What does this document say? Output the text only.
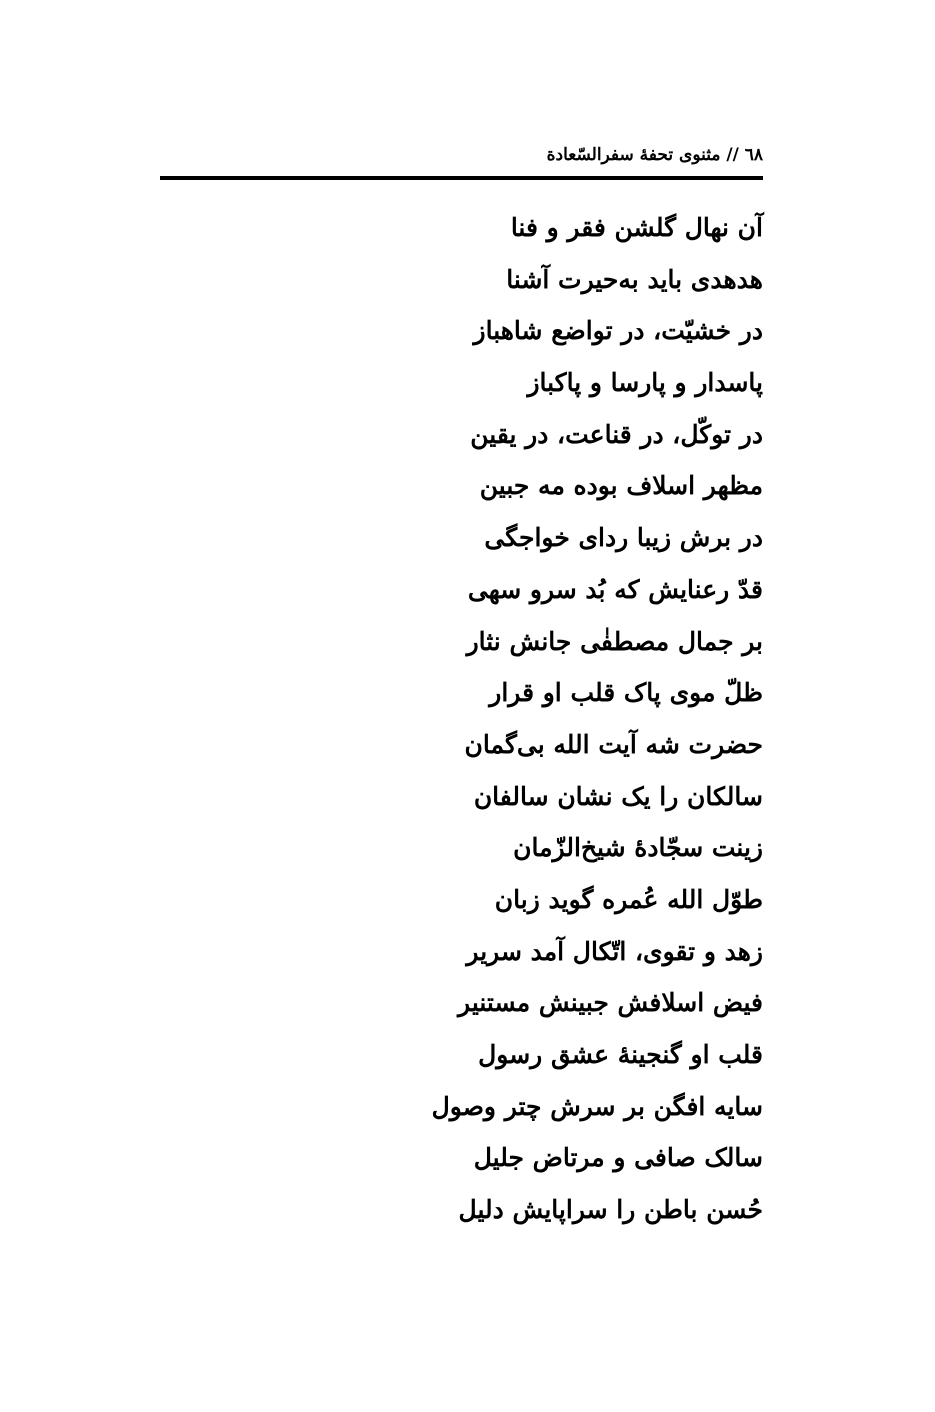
٦٨ // مثنوی تحفهٔ سفرالسّعادة
آن نهال گلشن فقر و فنا
هدهدی باید به‌حیرت آشنا
در خشیّت، در تواضع شاهباز
پاسدار و پارسا و پاکباز
در توکّل، در قناعت، در یقین
مظهر اسلاف بوده مه جبین
در برش زیبا ردای خواجگی
قدّ رعنایش که بُد سرو سهی
بر جمال مصطفٰی جانش نثار
ظلّ موی پاک قلب او قرار
حضرت شه آیت الله بی‌گمان
سالکان را یک نشان سالفان
زینت سجّادهٔ شیخ‌الزّمان
طوّل الله عُمره گوید زبان
زهد و تقوی، اتّکال آمد سریر
فیض اسلافش جبینش مستنیر
قلب او گنجینهٔ عشق رسول
سایه افگن بر سرش چتر وصول
سالک صافی و مرتاض جلیل
حُسن باطن را سراپایش دلیل
